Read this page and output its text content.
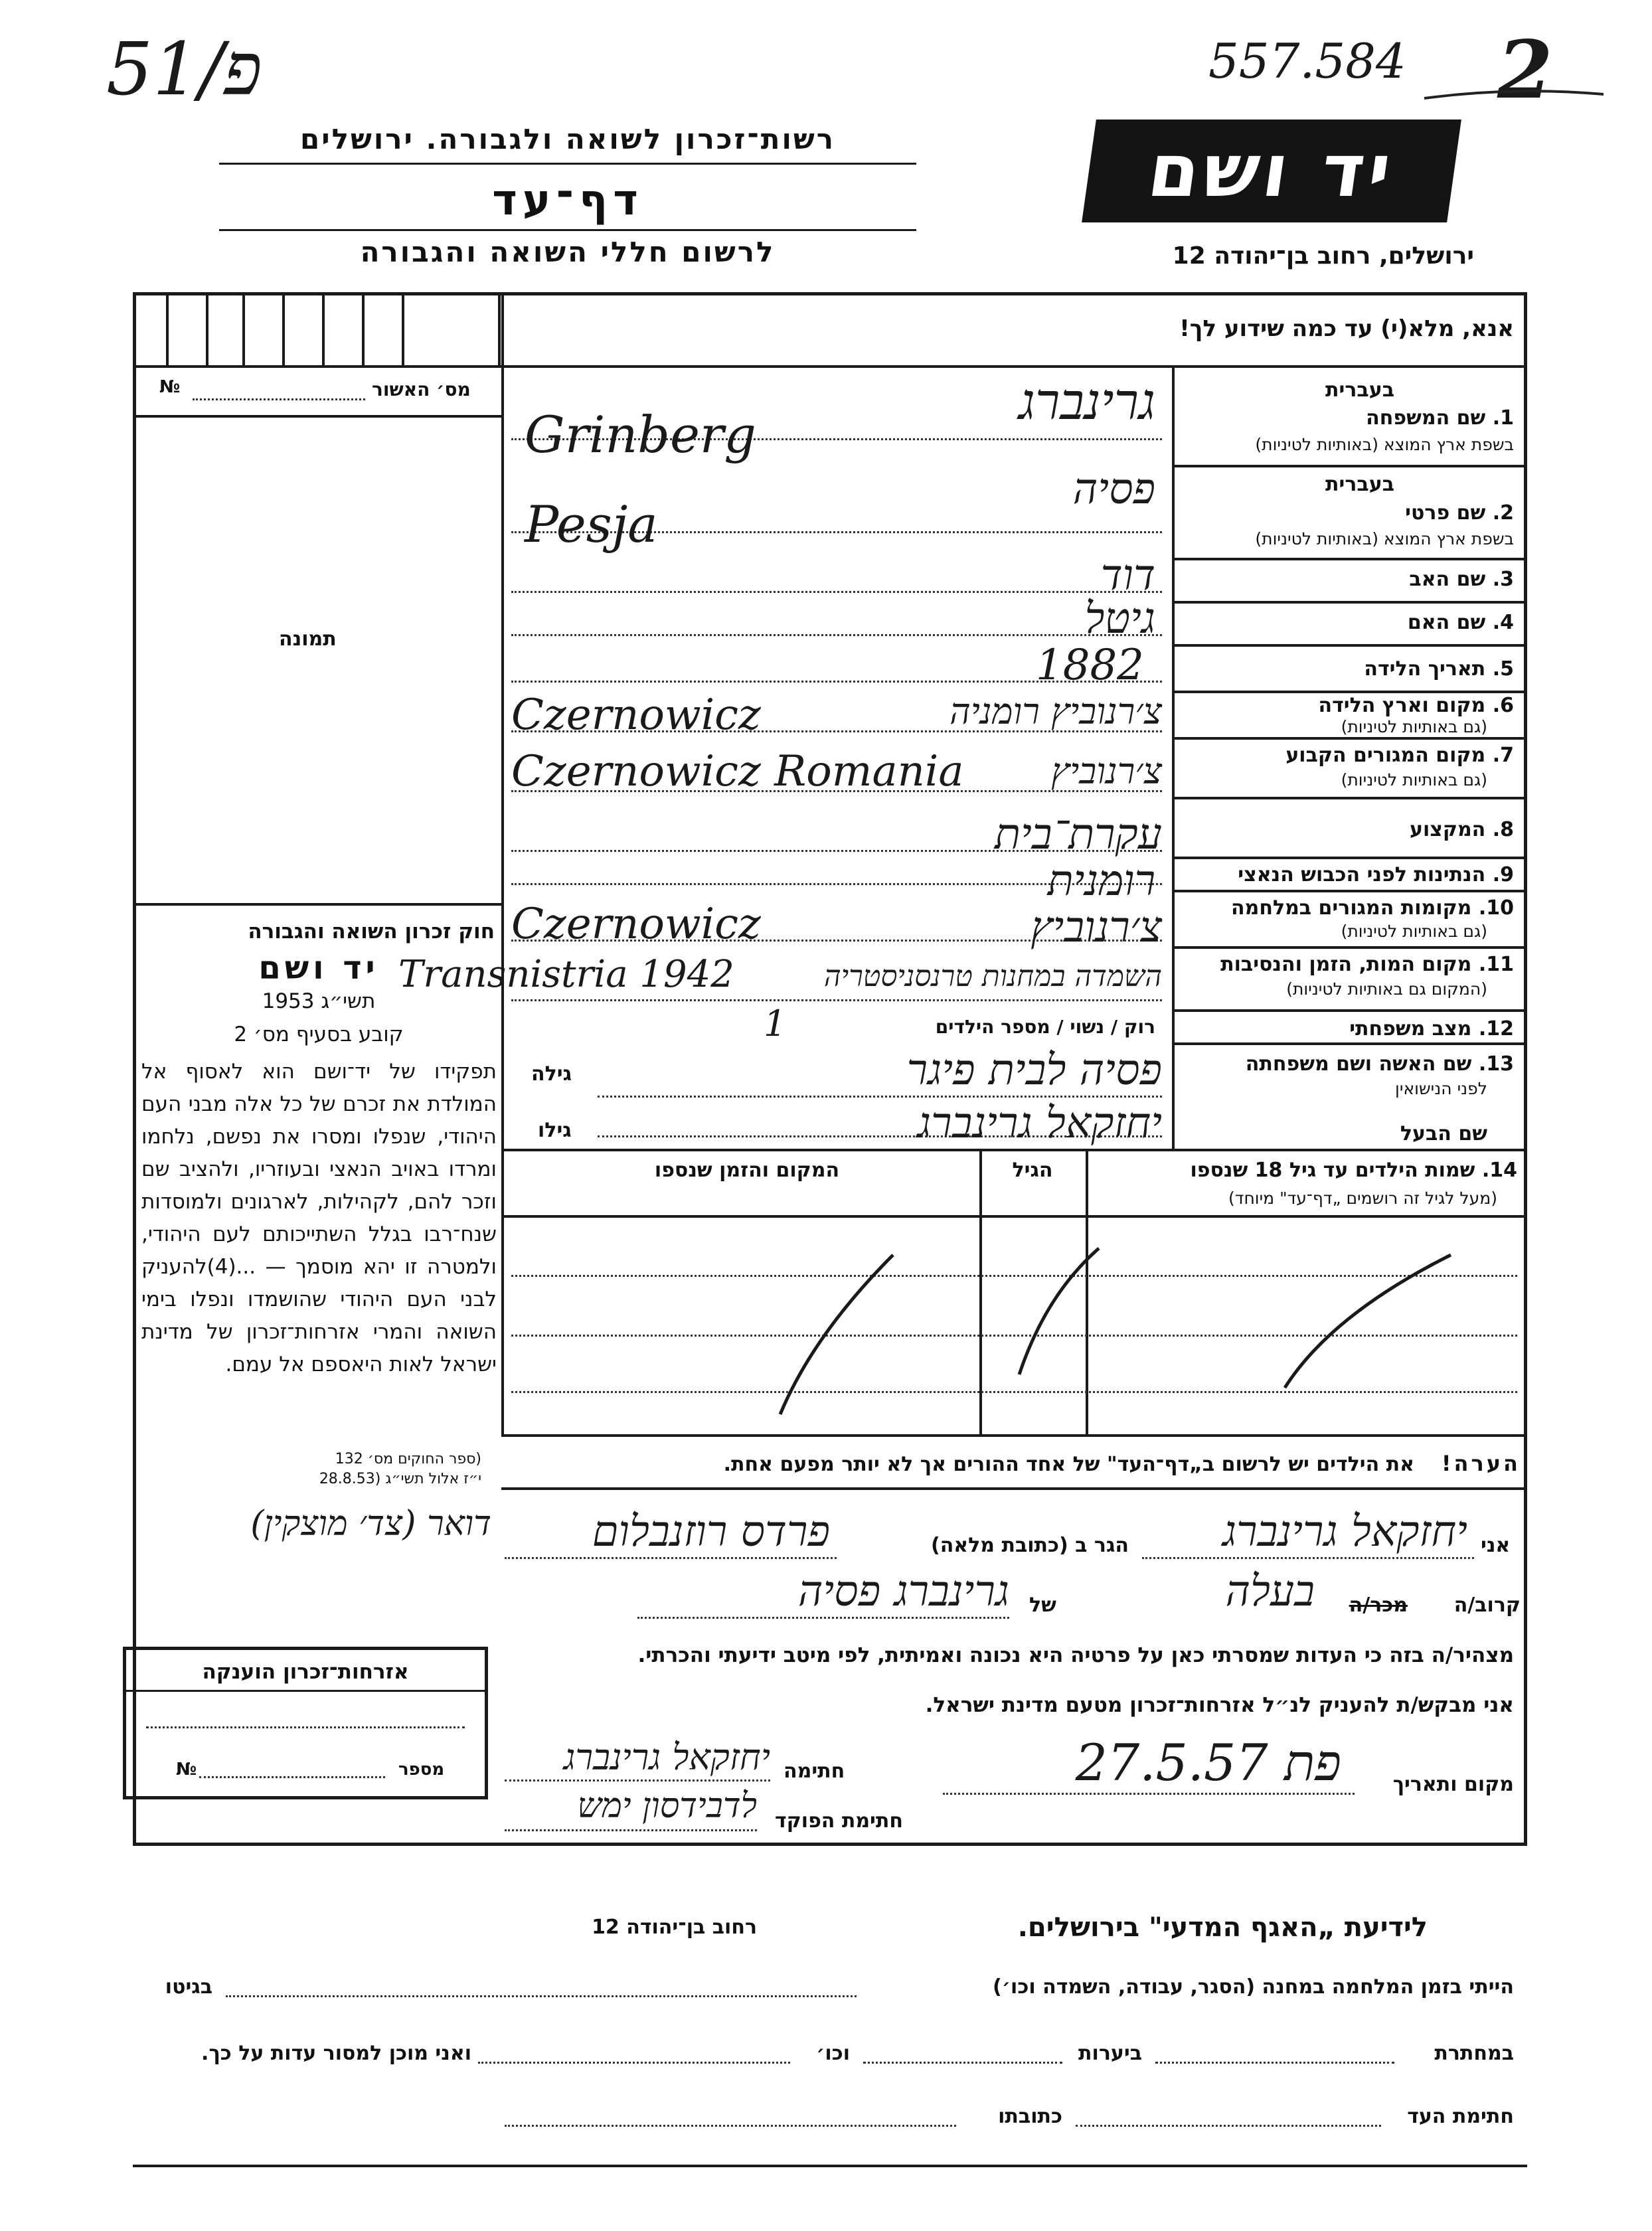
51/פ	557.584 2
רשות־זכרון לשואה ולגבורה. ירושלים
דף־עד
לרשום חללי השואה והגבורה
יד ושם
ירושלים, רחוב בן־יהודה 12
אנא, מלא(י) עד כמה שידוע לך!
מס׳ האשור
№
תמונה
חוק זכרון השואה והגבורה
יד ושם
תשי״ג 1953
קובע בסעיף מס׳ 2
תפקידו של יד־ושם הוא לאסוף אל המולדת את זכרם של כל אלה מבני העם היהודי, שנפלו ומסרו את נפשם, נלחמו ומרדו באויב הנאצי ובעוזריו, ולהציב שם וזכר להם, לקהילות, לארגונים ולמוסדות שנח־רבו בגלל השתייכותם לעם היהודי, ולמטרה זו יהא מוסמך — ...(4)להעניק לבני העם היהודי שהושמדו ונפלו בימי השואה והמרי אזרחות־זכרון של מדינת ישראל לאות היאספם אל עמם.
(ספר החוקים מס׳ 132
י״ז אלול תשי״ג (28.8.53
בעברית
1. שם המשפחה
בשפת ארץ המוצא (באותיות לטיניות)
בעברית
2. שם פרטי
בשפת ארץ המוצא (באותיות לטיניות)
3. שם האב
4. שם האם
5. תאריך הלידה
6. מקום וארץ הלידה
(גם באותיות לטיניות)
7. מקום המגורים הקבוע
(גם באותיות לטיניות)
8. המקצוע
9. הנתינות לפני הכבוש הנאצי
10. מקומות המגורים במלחמה
(גם באותיות לטיניות)
11. מקום המות, הזמן והנסיבות
(המקום גם באותיות לטיניות)
12. מצב משפחתי
13. שם האשה ושם משפחתה
לפני הנישואין
שם הבעל
גרינברג
Grinberg
פסיה
Pesja
דוד
גיטל
1882
צ׳רנוביץ רומניה
Czernowicz
צ׳רנוביץ
Czernowicz Romania
עקרת־בית
רומנית
צ׳רנוביץ
Czernowicz
השמדה במחנות טרנסניסטריה
Transnistria 1942
רוק / נשוי / מספר הילדים
1
פסיה לבית פיגר
גילה
יחזקאל גרינברג
גילו
14. שמות הילדים עד גיל 18 שנספו
(מעל לגיל זה רושמים „דף־עד" מיוחד)
הגיל
המקום והזמן שנספו
הערה!
את הילדים יש לרשום ב„דף־העד" של אחד ההורים אך לא יותר מפעם אחת.
אני
יחזקאל גרינברג
הגר ב (כתובת מלאה)
פרדס רוזנבלום
דואר (צד׳ מוצקין)
קרוב/ה
מכר/ה
בעלה
של
גרינברג פסיה
מצהיר/ה בזה כי העדות שמסרתי כאן על פרטיה היא נכונה ואמיתית, לפי מיטב ידיעתי והכרתי.
אני מבקש/ת להעניק לנ״ל אזרחות־זכרון מטעם מדינת ישראל.
מקום ותאריך
פת 27.5.57
חתימה
יחזקאל גרינברג
חתימת הפוקד
לדבידסון ימש
אזרחות־זכרון הוענקה
№	מספר
לידיעת „האגף המדעי" בירושלים.
רחוב בן־יהודה 12
הייתי בזמן המלחמה במחנה (הסגר, עבודה, השמדה וכו׳)
בגיטו
במחתרת
ביערות
וכו׳
ואני מוכן למסור עדות על כך.
חתימת העד
כתובתו
